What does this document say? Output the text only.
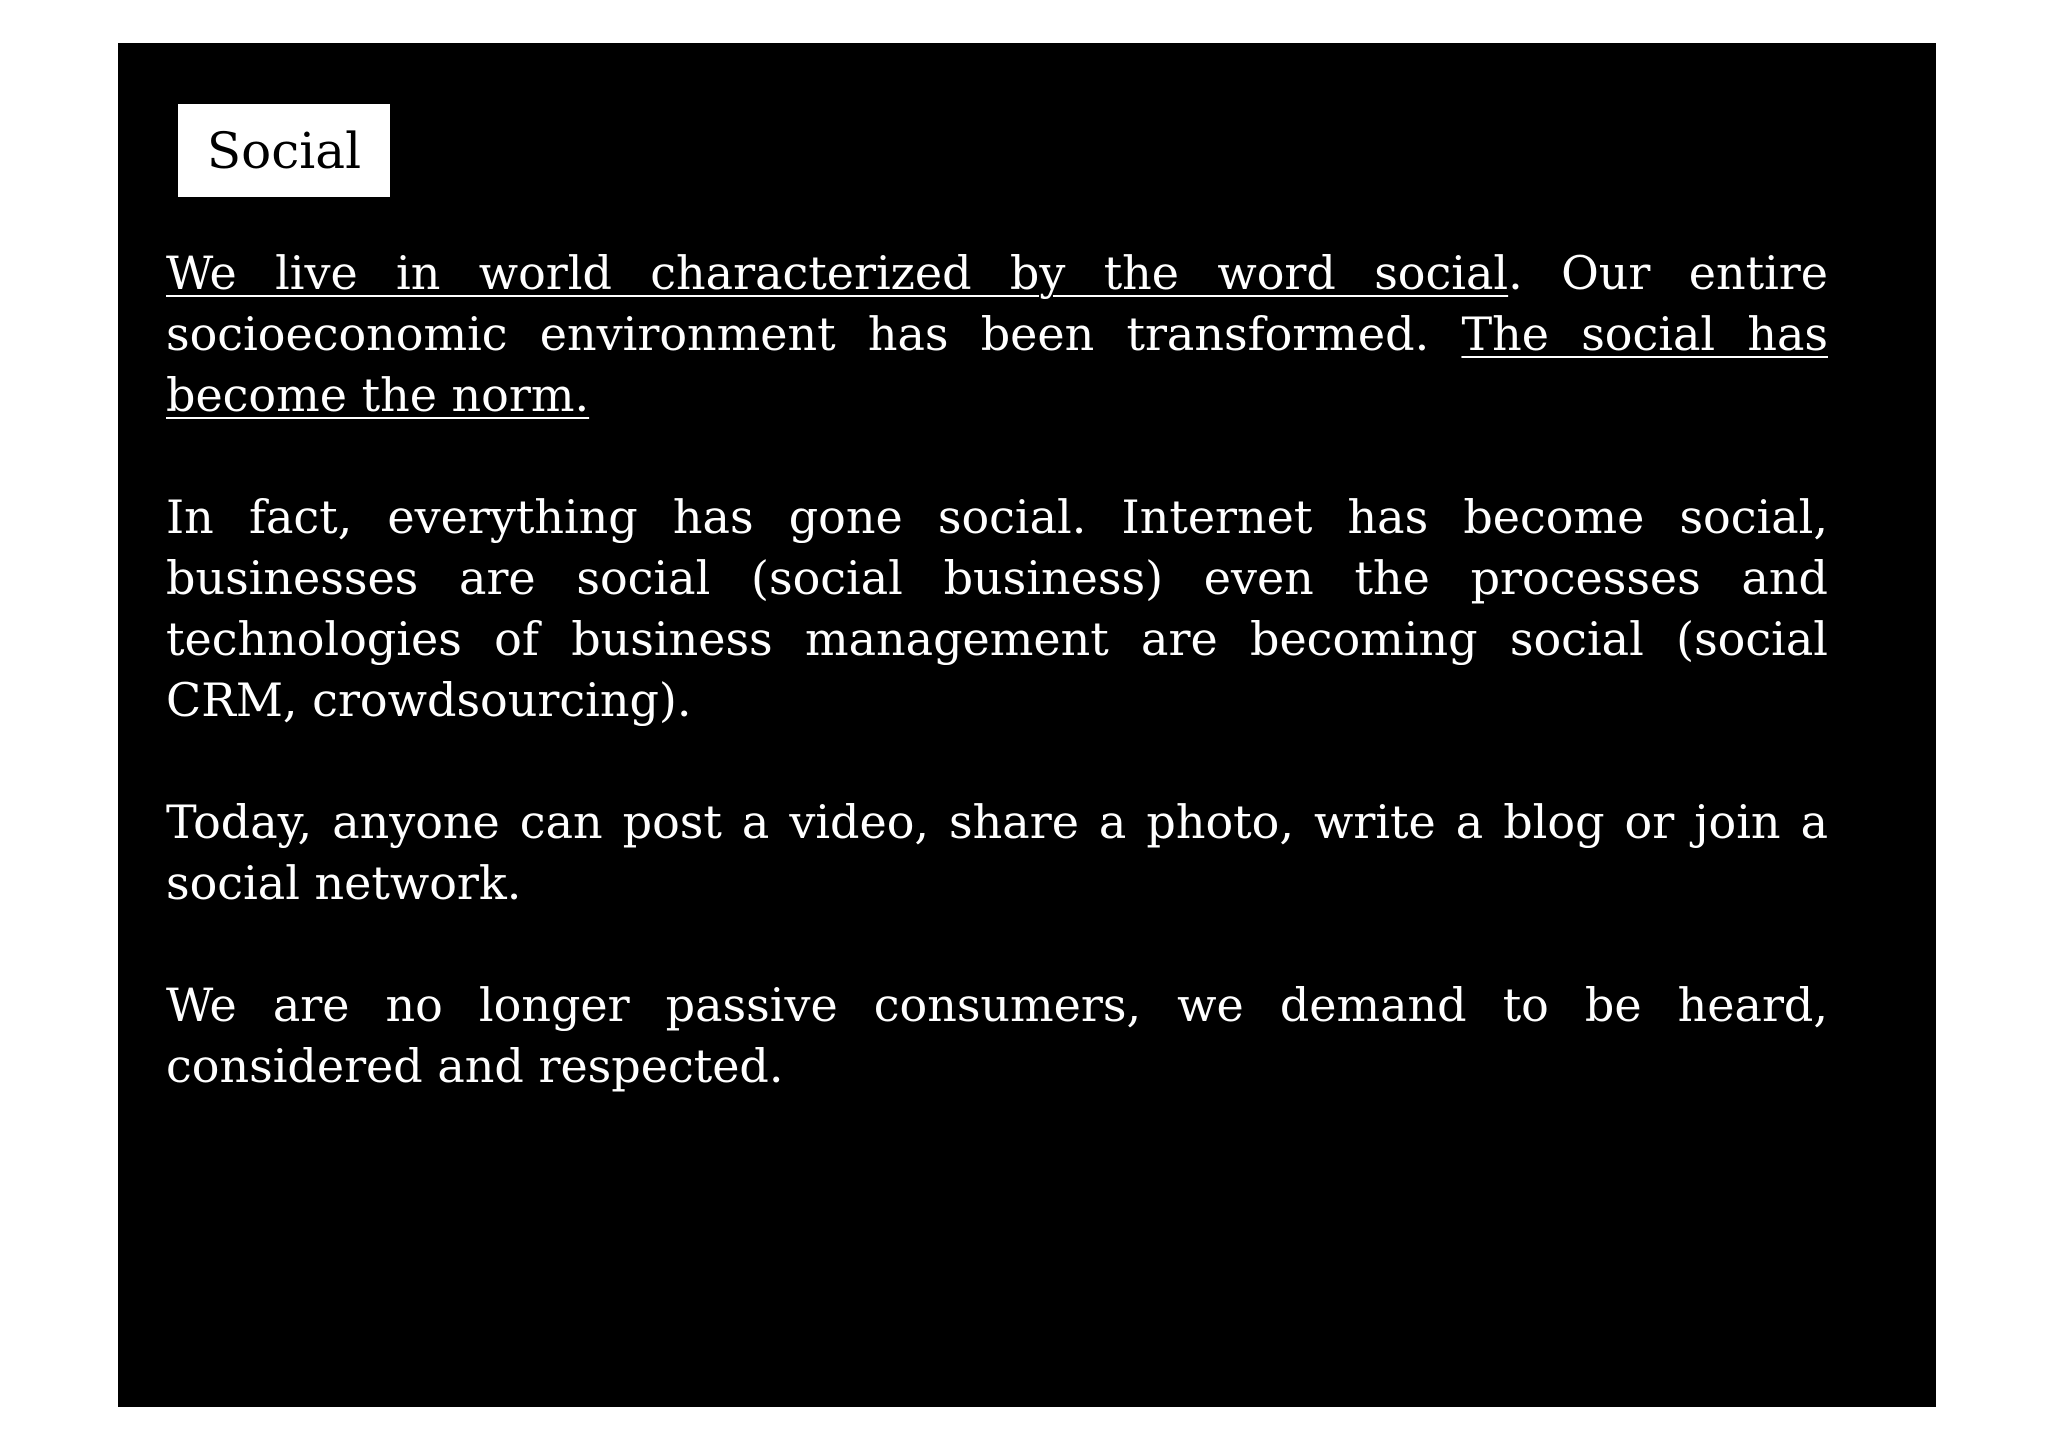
Social

We live in world characterized by the word social. Our entire socioeconomic environment has been transformed. The social has become the norm.

In fact, everything has gone social. Internet has become social, businesses are social (social business) even the processes and technologies of business management are becoming social (social CRM, crowdsourcing).

Today, anyone can post a video, share a photo, write a blog or join a social network.

We are no longer passive consumers, we demand to be heard, considered and respected.
